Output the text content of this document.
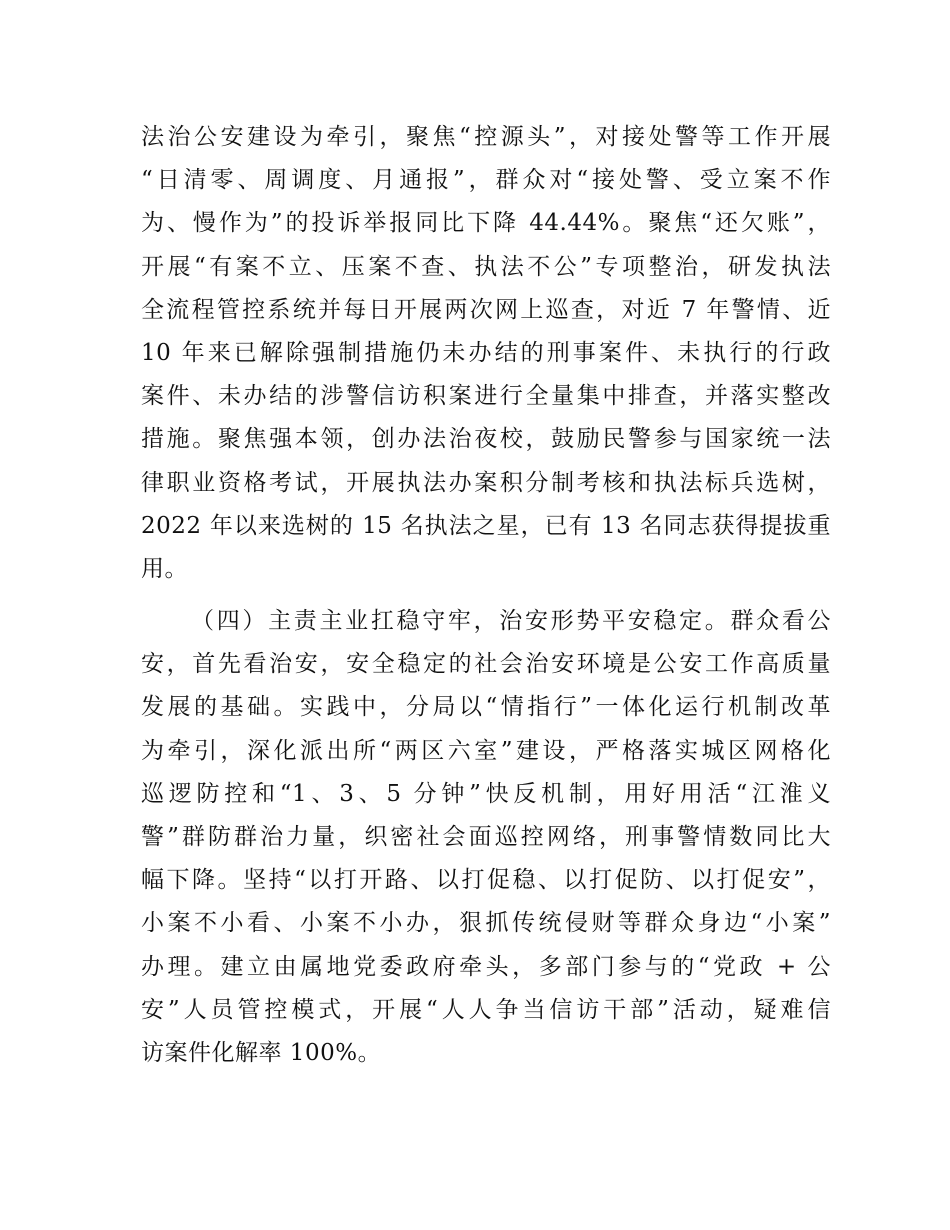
法治公安建设为牵引，聚焦“控源头”，对接处警等工作开展
“日清零、周调度、月通报”，群众对“接处警、受立案不作
为、慢作为”的投诉举报同比下降 44.44%。聚焦“还欠账”，
开展“有案不立、压案不查、执法不公”专项整治，研发执法
全流程管控系统并每日开展两次网上巡查，对近 7 年警情、近
10 年来已解除强制措施仍未办结的刑事案件、未执行的行政
案件、未办结的涉警信访积案进行全量集中排查，并落实整改
措施。聚焦强本领，创办法治夜校，鼓励民警参与国家统一法
律职业资格考试，开展执法办案积分制考核和执法标兵选树，
2022 年以来选树的 15 名执法之星，已有 13 名同志获得提拔重
用。
（四）主责主业扛稳守牢，治安形势平安稳定。群众看公
安，首先看治安，安全稳定的社会治安环境是公安工作高质量
发展的基础。实践中，分局以“情指行”一体化运行机制改革
为牵引，深化派出所“两区六室”建设，严格落实城区网格化
巡逻防控和“1、3、5 分钟”快反机制，用好用活“江淮义
警”群防群治力量，织密社会面巡控网络，刑事警情数同比大
幅下降。坚持“以打开路、以打促稳、以打促防、以打促安”，
小案不小看、小案不小办，狠抓传统侵财等群众身边“小案”
办理。建立由属地党委政府牵头，多部门参与的“党政 + 公
安”人员管控模式，开展“人人争当信访干部”活动，疑难信
访案件化解率 100%。
